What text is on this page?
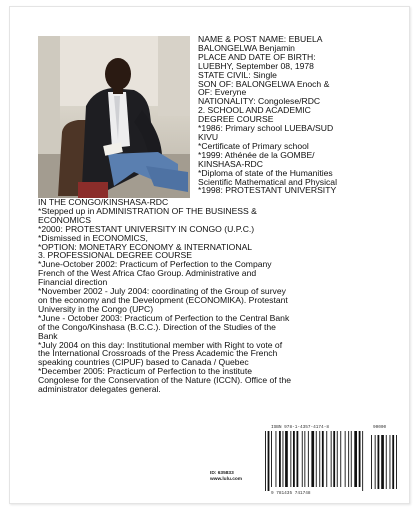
NAME & POST NAME: EBUELA
BALONGELWA Benjamin
PLACE AND DATE OF BIRTH:
LUEBHY, September 08, 1978
STATE CIVIL: Single
SON OF: BALONGELWA Enoch &
OF: Everyne
NATIONALITY: Congolese/RDC
2. SCHOOL AND ACADEMIC
DEGREE COURSE
*1986: Primary school LUEBA/SUD
KIVU
*Certificate of Primary school
*1999: Athénée de la GOMBE/
KINSHASA-RDC
*Diploma of state of the Humanities
Scientific Mathematical and Physical
*1998: PROTESTANT UNIVERSITY
IN THE CONGO/KINSHASA-RDC
*Stepped up in ADMINISTRATION OF THE BUSINESS &
ECONOMICS
*2000: PROTESTANT UNIVERSITY IN CONGO (U.P.C.)
*Dismissed in ECONOMICS,
*OPTION: MONETARY ECONOMY & INTERNATIONAL
3. PROFESSIONAL DEGREE COURSE
*June-October 2002: Practicum of Perfection to the Company
French of the West Africa Cfao Group. Administrative and
Financial direction
*November 2002 - July 2004: coordinating of the Group of survey
on the economy and the Development (ECONOMIKA). Protestant
University in the Congo (UPC)
*June - October 2003: Practicum of Perfection to the Central Bank
of the Congo/Kinshasa (B.C.C.). Direction of the Studies of the
Bank
*July 2004 on this day: Institutional member with Right to vote of
the International Crossroads of the Press Academic the French
speaking countries (CIPUF) based to Canada / Quebec
*December 2005: Practicum of Perfection to the institute
Congolese for the Conservation of the Nature (ICCN). Office of the
administrator delegates general.
ID: 635833
www.lulu.com
ISBN 978-1-4357-4174-8	90000
9 781435 741748
